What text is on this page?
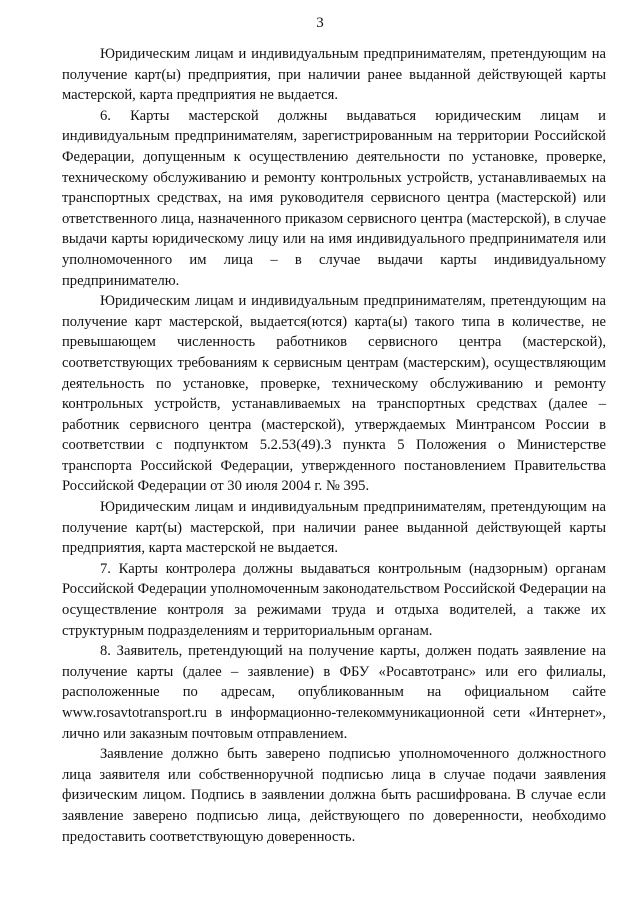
3

Юридическим лицам и индивидуальным предпринимателям, претендующим на получение карт(ы) предприятия, при наличии ранее выданной действующей карты мастерской, карта предприятия не выдается.

6. Карты мастерской должны выдаваться юридическим лицам и индивидуальным предпринимателям, зарегистрированным на территории Российской Федерации, допущенным к осуществлению деятельности по установке, проверке, техническому обслуживанию и ремонту контрольных устройств, устанавливаемых на транспортных средствах, на имя руководителя сервисного центра (мастерской) или ответственного лица, назначенного приказом сервисного центра (мастерской), в случае выдачи карты юридическому лицу или на имя индивидуального предпринимателя или уполномоченного им лица – в случае выдачи карты индивидуальному предпринимателю.

Юридическим лицам и индивидуальным предпринимателям, претендующим на получение карт мастерской, выдается(ются) карта(ы) такого типа в количестве, не превышающем численность работников сервисного центра (мастерской), соответствующих требованиям к сервисным центрам (мастерским), осуществляющим деятельность по установке, проверке, техническому обслуживанию и ремонту контрольных устройств, устанавливаемых на транспортных средствах (далее – работник сервисного центра (мастерской), утверждаемых Минтрансом России в соответствии с подпунктом 5.2.53(49).3 пункта 5 Положения о Министерстве транспорта Российской Федерации, утвержденного постановлением Правительства Российской Федерации от 30 июля 2004 г. № 395.

Юридическим лицам и индивидуальным предпринимателям, претендующим на получение карт(ы) мастерской, при наличии ранее выданной действующей карты предприятия, карта мастерской не выдается.

7. Карты контролера должны выдаваться контрольным (надзорным) органам Российской Федерации уполномоченным законодательством Российской Федерации на осуществление контроля за режимами труда и отдыха водителей, а также их структурным подразделениям и территориальным органам.

8. Заявитель, претендующий на получение карты, должен подать заявление на получение карты (далее – заявление) в ФБУ «Росавтотранс» или его филиалы, расположенные по адресам, опубликованным на официальном сайте www.rosavtotransport.ru в информационно-телекоммуникационной сети «Интернет», лично или заказным почтовым отправлением.

Заявление должно быть заверено подписью уполномоченного должностного лица заявителя или собственноручной подписью лица в случае подачи заявления физическим лицом. Подпись в заявлении должна быть расшифрована. В случае если заявление заверено подписью лица, действующего по доверенности, необходимо предоставить соответствующую доверенность.
